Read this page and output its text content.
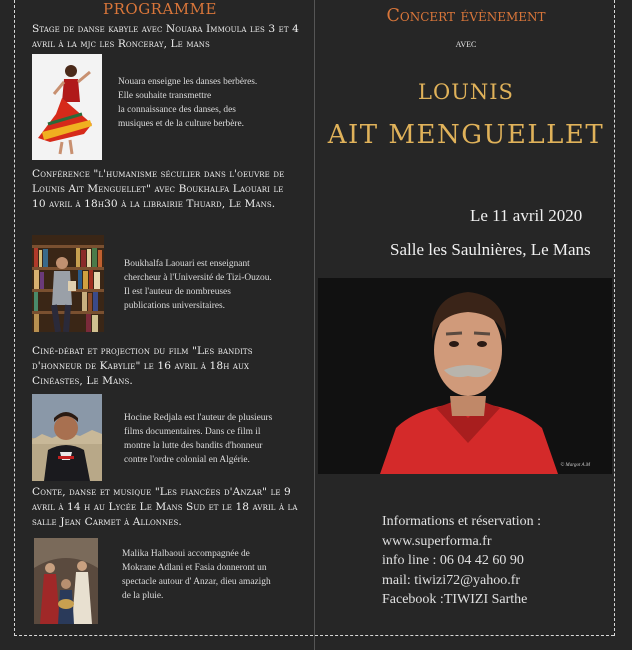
PROGRAMME
Stage de danse kabyle avec Nouara Immoula les 3 et 4 avril à la mjc les Ronceray, Le mans
Nouara enseigne les danses berbères.
Elle souhaite transmettre
la connaissance des danses, des
musiques et de la culture berbère.
Conférence "l'humanisme séculier dans l'oeuvre de Lounis Ait Menguellet" avec Boukhalfa Laouari le 10 avril à 18h30 à la librairie Thuard, Le Mans.
Boukhalfa Laouari est enseignant
chercheur à l'Université de Tizi-Ouzou.
Il est l'auteur de nombreuses
publications universitaires.
Ciné-débat et projection du film "Les bandits d'honneur de Kabylie" le 16 avril à 18h aux Cinéastes, Le Mans.
Hocine Redjala est l'auteur de plusieurs
films documentaires. Dans ce film il
montre la lutte des bandits d'honneur
contre l'ordre colonial en Algérie.
Conte, danse et musique "Les fiancées d'Anzar" le 9 avril à 14 h au Lycée Le Mans Sud et le 18 avril à la salle Jean Carmet à Allonnes.
Malika Halbaoui accompagnée de
Mokrane Adlani et Fasia donneront un
spectacle autour d' Anzar, dieu amazigh
de la pluie.
Concert évènement
avec
LOUNIS
AIT MENGUELLET
Le 11 avril 2020
Salle les Saulnières, Le Mans
© Margot A.M
Informations et réservation :
www.superforma.fr
info line : 06 04 42 60 90
mail: tiwizi72@yahoo.fr
Facebook :TIWIZI Sarthe
